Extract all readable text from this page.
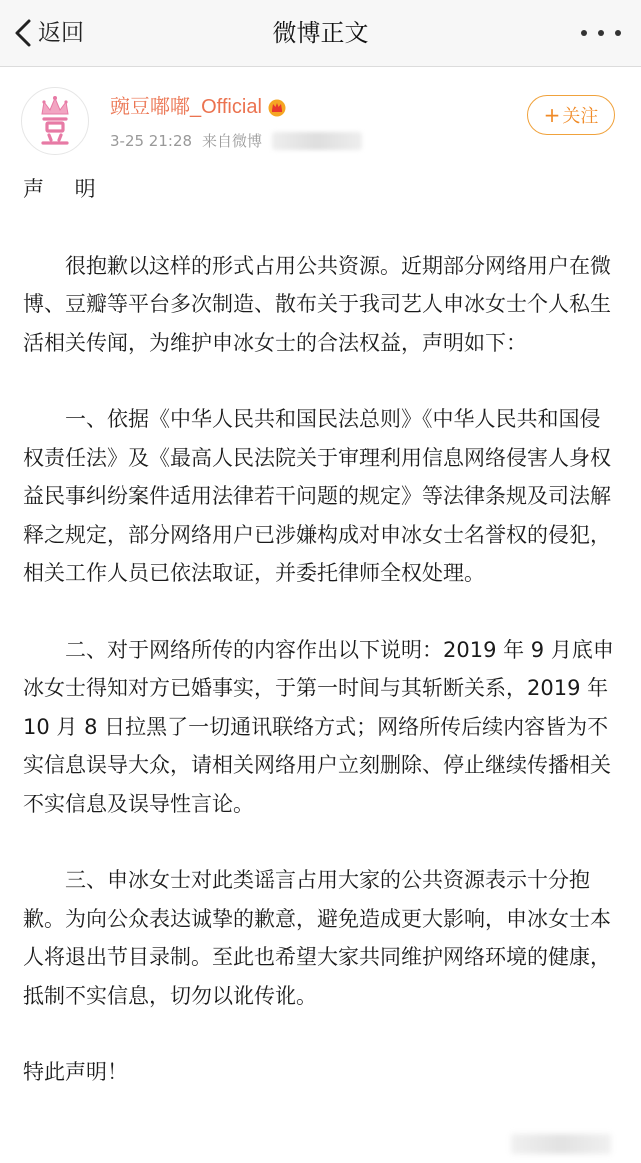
返回	微博正文
豌豆嘟嘟_Official
3-25 21:28 来自微博
+ 关注

声 明

很抱歉以这样的形式占用公共资源。近期部分网络用户在微博、豆瓣等平台多次制造、散布关于我司艺人申冰女士个人私生活相关传闻，为维护申冰女士的合法权益，声明如下：

一、依据《中华人民共和国民法总则》《中华人民共和国侵权责任法》及《最高人民法院关于审理利用信息网络侵害人身权益民事纠纷案件适用法律若干问题的规定》等法律条规及司法解释之规定，部分网络用户已涉嫌构成对申冰女士名誉权的侵犯，相关工作人员已依法取证，并委托律师全权处理。

二、对于网络所传的内容作出以下说明：2019 年 9 月底申冰女士得知对方已婚事实，于第一时间与其斩断关系，2019 年 10 月 8 日拉黑了一切通讯联络方式；网络所传后续内容皆为不实信息误导大众，请相关网络用户立刻删除、停止继续传播相关不实信息及误导性言论。

三、申冰女士对此类谣言占用大家的公共资源表示十分抱歉。为向公众表达诚挚的歉意，避免造成更大影响，申冰女士本人将退出节目录制。至此也希望大家共同维护网络环境的健康，抵制不实信息，切勿以讹传讹。

特此声明！
